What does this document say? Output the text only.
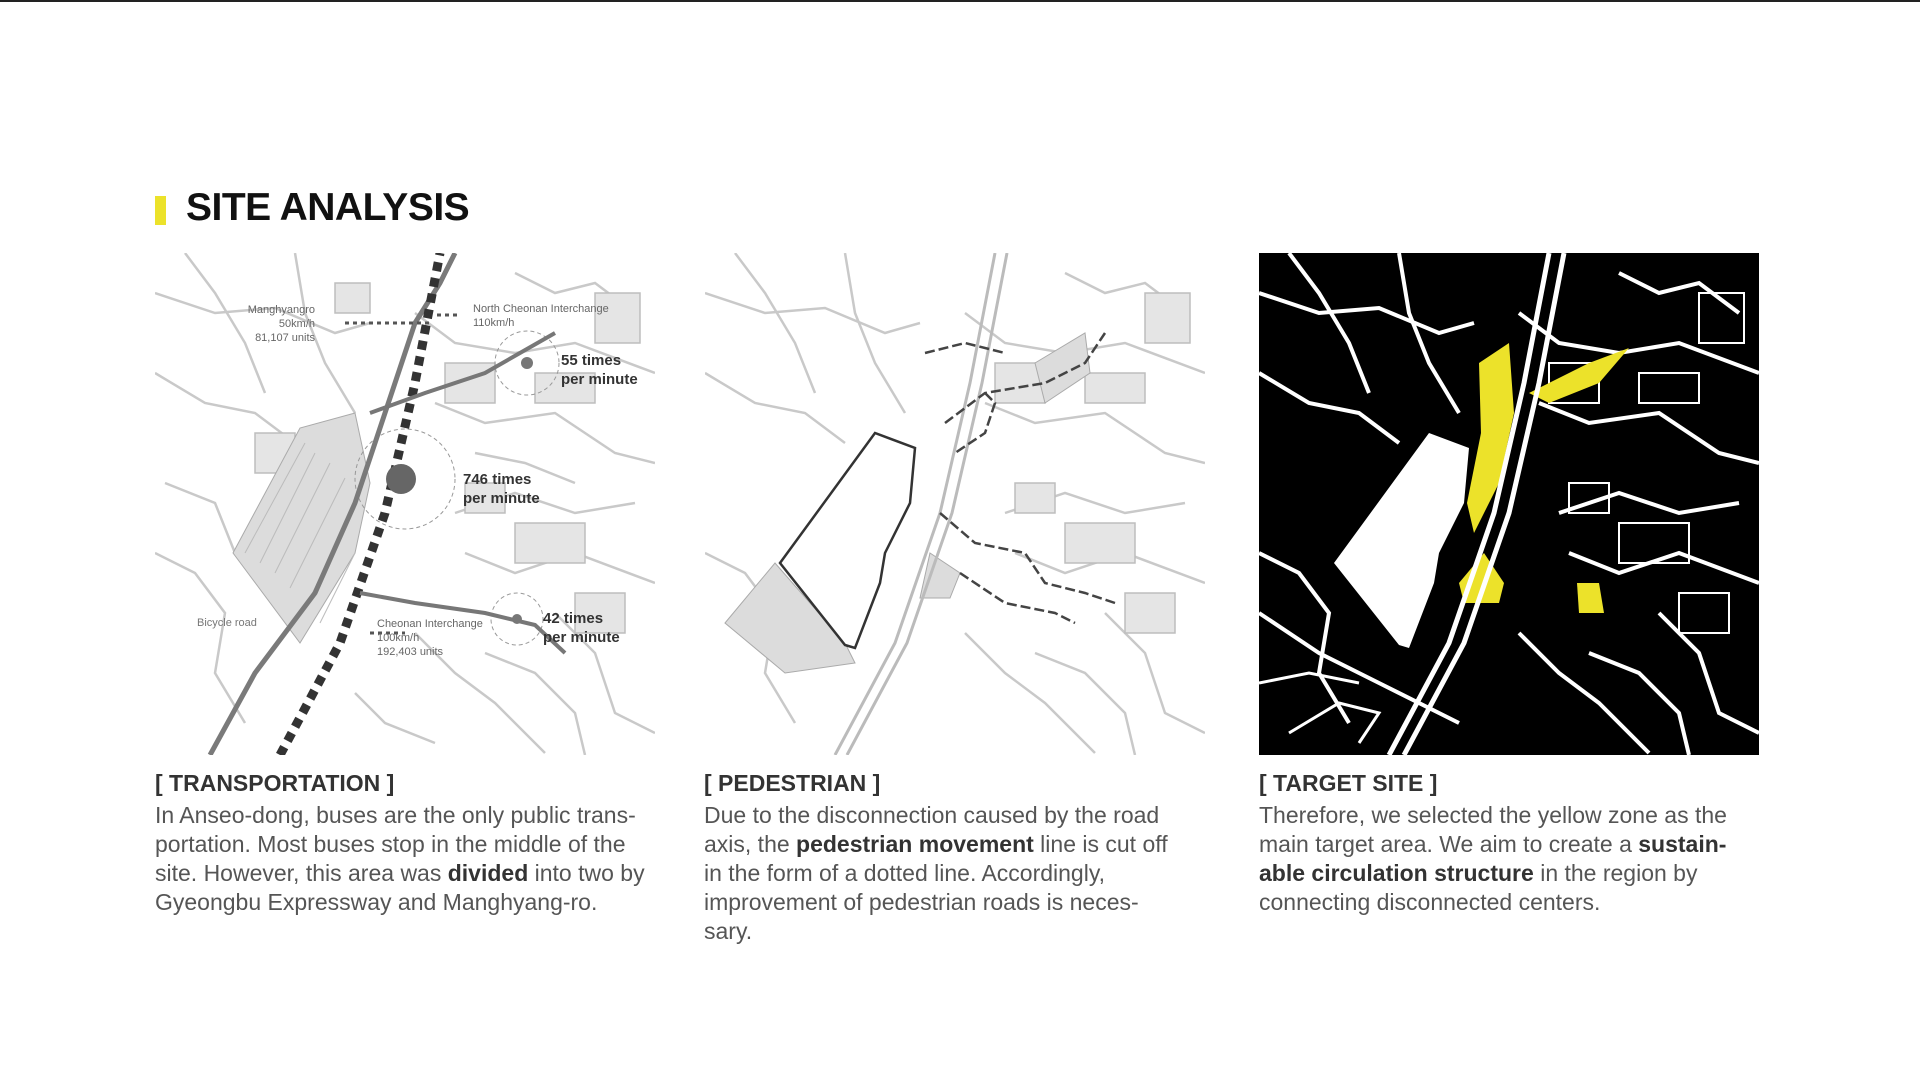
SITE ANALYSIS
Manghyangro
50km/h
81,107 units
North Cheonan Interchange
110km/h
Cheonan Interchange
100km/h
192,403 units
55 times
per minute
746 times
per minute
42 times
per minute
Bicycle road
[ TRANSPORTATION ]

In Anseo-dong, buses are the only public trans-
portation. Most buses stop in the middle of the
site. However, this area was divided into two by
Gyeongbu Expressway and Manghyang-ro.

[ PEDESTRIAN ]

Due to the disconnection caused by the road
axis, the pedestrian movement line is cut off
in the form of a dotted line. Accordingly,
improvement of pedestrian roads is neces-
sary.

[ TARGET SITE ]

Therefore, we selected the yellow zone as the
main target area. We aim to create a sustain-
able circulation structure in the region by
connecting disconnected centers.
